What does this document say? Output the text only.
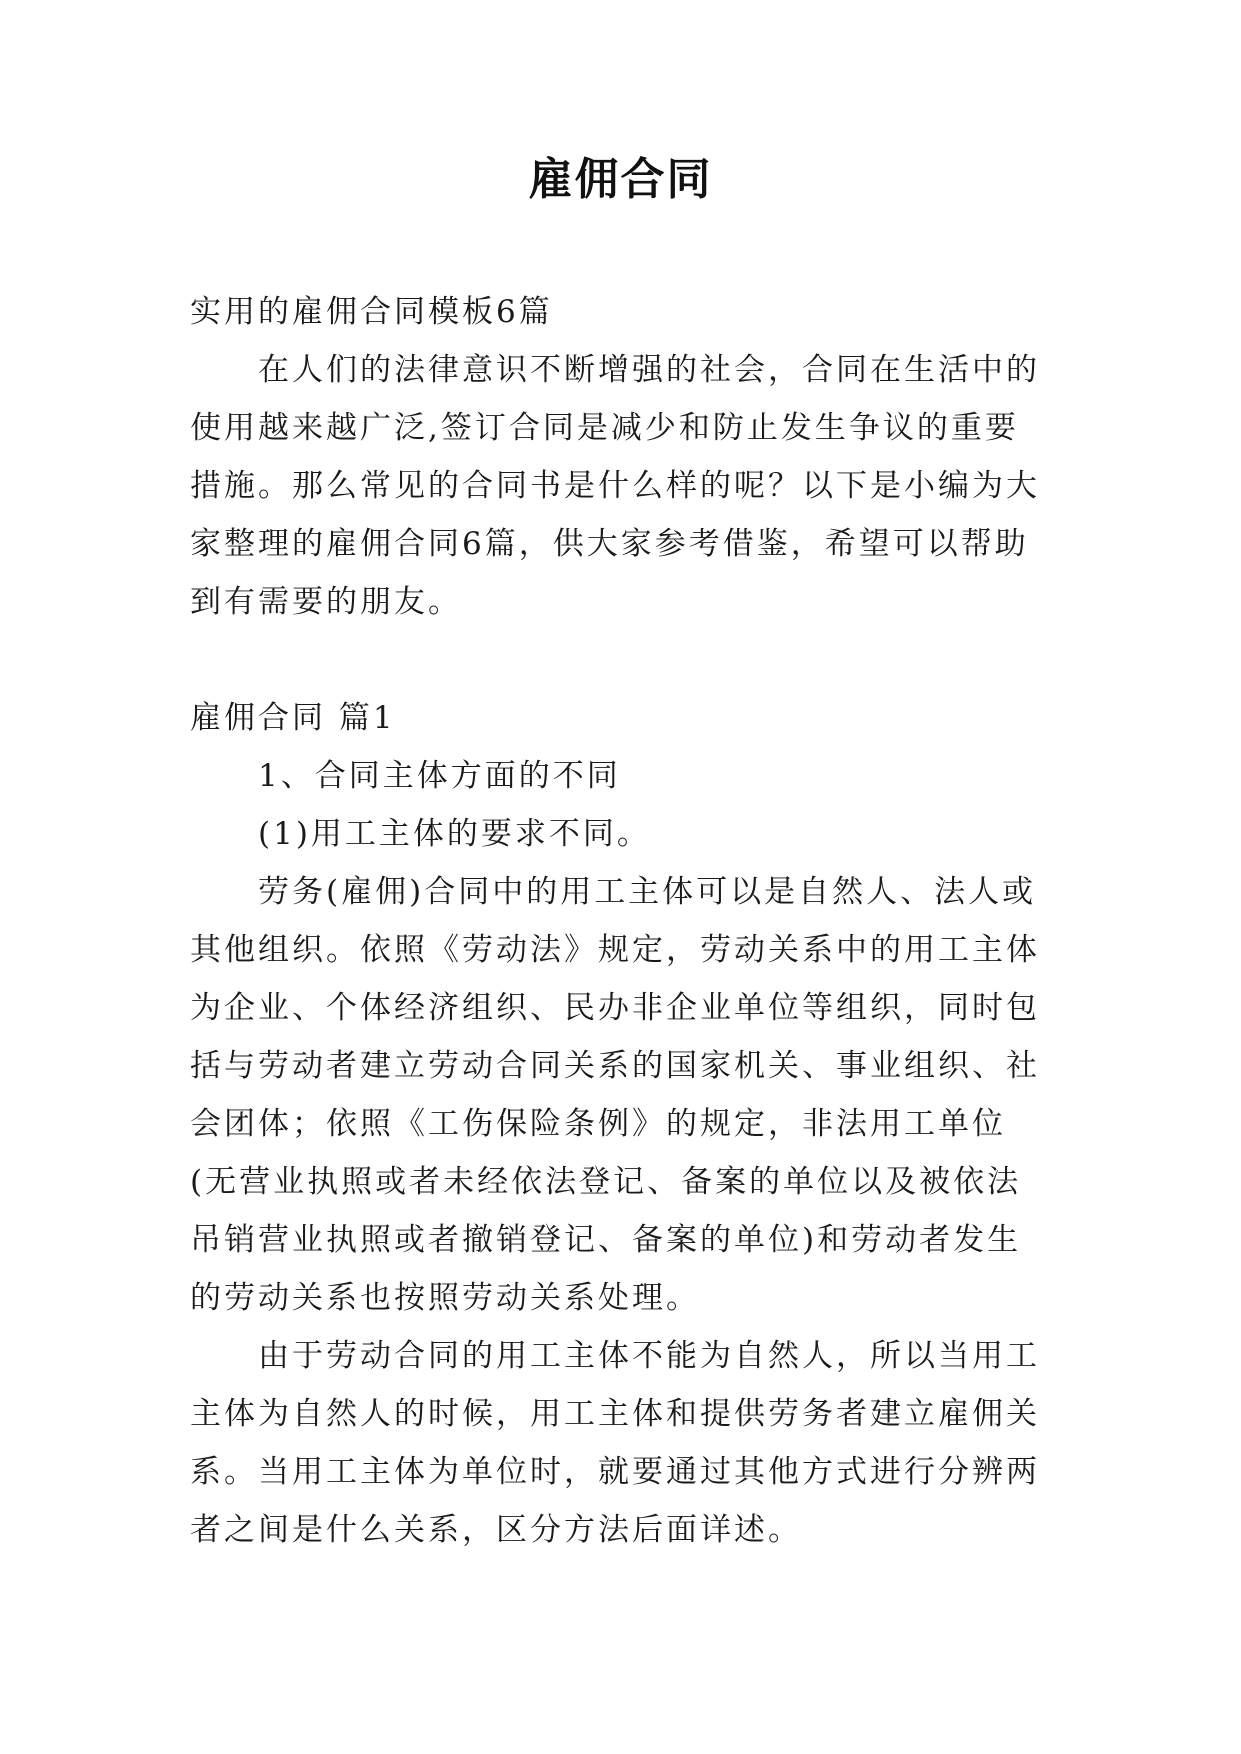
雇佣合同

实用的雇佣合同模板6篇

在人们的法律意识不断增强的社会，合同在生活中的使用越来越广泛,签订合同是减少和防止发生争议的重要措施。那么常见的合同书是什么样的呢？以下是小编为大家整理的雇佣合同6篇，供大家参考借鉴，希望可以帮助到有需要的朋友。

雇佣合同 篇1

1、合同主体方面的不同

(1)用工主体的要求不同。

劳务(雇佣)合同中的用工主体可以是自然人、法人或其他组织。依照《劳动法》规定，劳动关系中的用工主体为企业、个体经济组织、民办非企业单位等组织，同时包括与劳动者建立劳动合同关系的国家机关、事业组织、社会团体；依照《工伤保险条例》的规定，非法用工单位(无营业执照或者未经依法登记、备案的单位以及被依法吊销营业执照或者撤销登记、备案的单位)和劳动者发生的劳动关系也按照劳动关系处理。

由于劳动合同的用工主体不能为自然人，所以当用工主体为自然人的时候，用工主体和提供劳务者建立雇佣关系。当用工主体为单位时，就要通过其他方式进行分辨两者之间是什么关系，区分方法后面详述。
